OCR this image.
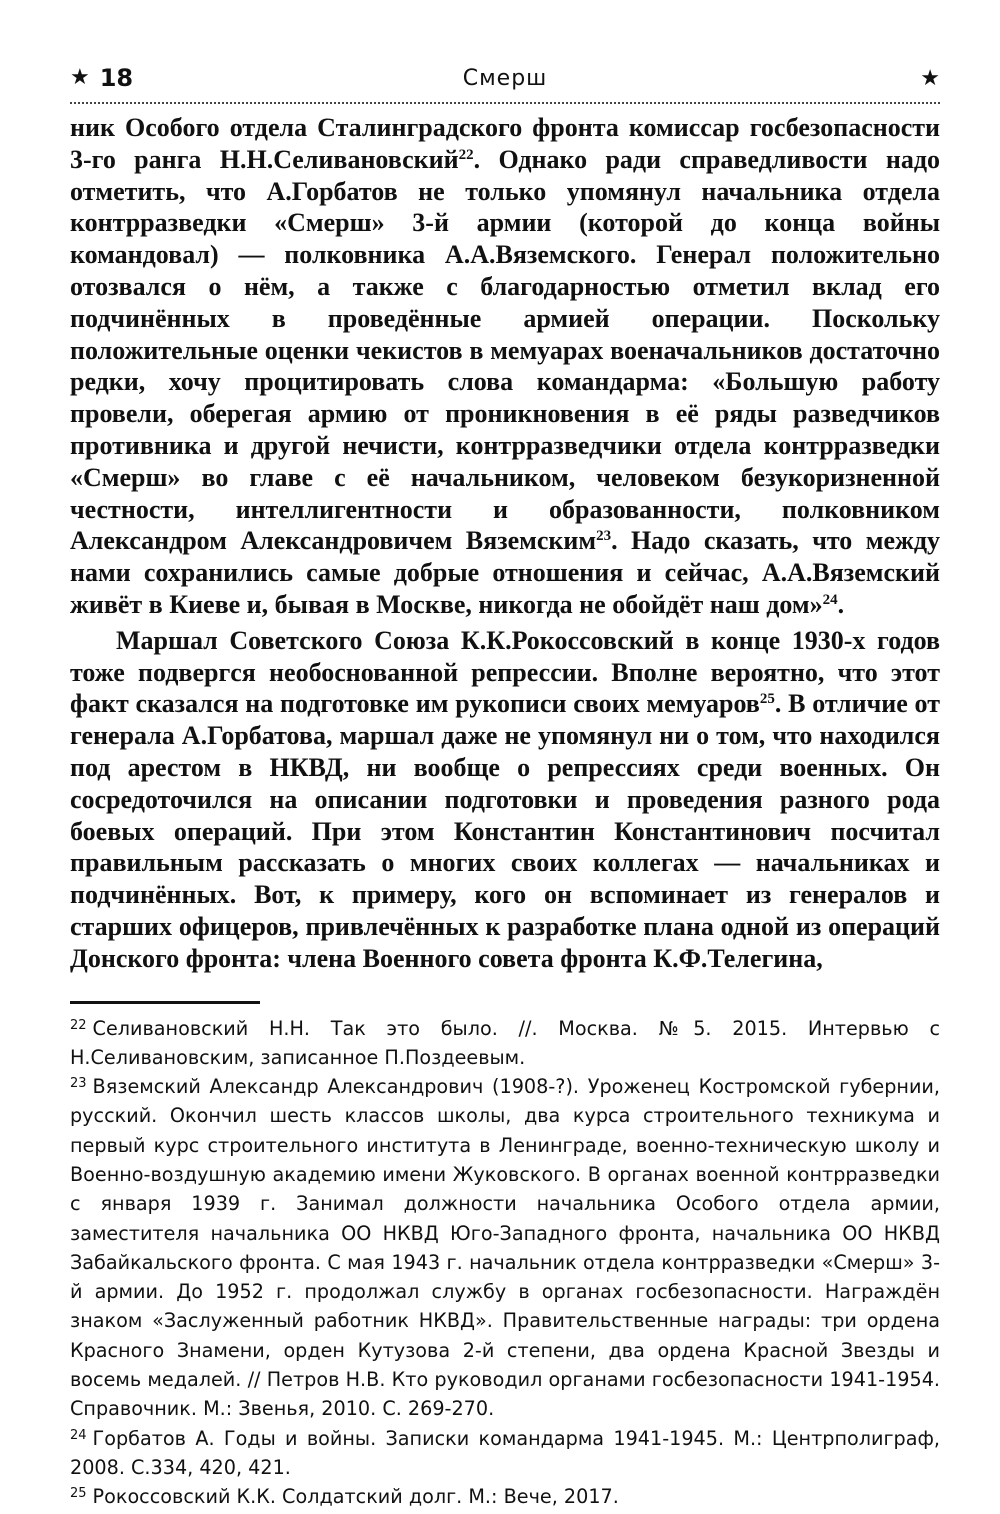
★ 18	Смерш	★

ник Особого отдела Сталинградского фронта комиссар госбезопасности 3-го ранга Н.Н.Селивановский$^{22}$. Однако ради справедливости надо отметить, что А.Горбатов не только упомянул начальника отдела контрразведки «Смерш» 3-й армии (которой до конца войны командовал) — полковника А.А.Вяземского. Генерал положительно отозвался о нём, а также с благодарностью отметил вклад его подчинённых в проведённые армией операции. Поскольку положительные оценки чекистов в мемуарах военачальников достаточно редки, хочу процитировать слова командарма: «Большую работу провели, оберегая армию от проникновения в её ряды разведчиков противника и другой нечисти, контрразведчики отдела контрразведки «Смерш» во главе с её начальником, человеком безукоризненной честности, интеллигентности и образованности, полковником Александром Александровичем Вяземским$^{23}$. Надо сказать, что между нами сохранились самые добрые отношения и сейчас, А.А.Вяземский живёт в Киеве и, бывая в Москве, никогда не обойдёт наш дом»$^{24}$.

Маршал Советского Союза К.К.Рокоссовский в конце 1930-х годов тоже подвергся необоснованной репрессии. Вполне вероятно, что этот факт сказался на подготовке им рукописи своих мемуаров$^{25}$. В отличие от генерала А.Горбатова, маршал даже не упомянул ни о том, что находился под арестом в НКВД, ни вообще о репрессиях среди военных. Он сосредоточился на описании подготовки и проведения разного рода боевых операций. При этом Константин Константинович посчитал правильным рассказать о многих своих коллегах — начальниках и подчинённых. Вот, к примеру, кого он вспоминает из генералов и старших офицеров, привлечённых к разработке плана одной из операций Донского фронта: члена Военного совета фронта К.Ф.Телегина,

$^{22}$ Селивановский Н.Н. Так это было. //. Москва. №5. 2015. Интервью с Н.Селивановским, записанное П.Поздеевым.

$^{23}$ Вяземский Александр Александрович (1908-?). Уроженец Костромской губернии, русский. Окончил шесть классов школы, два курса строительного техникума и первый курс строительного института в Ленинграде, военно-техническую школу и Военно-воздушную академию имени Жуковского. В органах военной контрразведки с января 1939 г. Занимал должности начальника Особого отдела армии, заместителя начальника ОО НКВД Юго-Западного фронта, начальника ОО НКВД Забайкальского фронта. С мая 1943 г. начальник отдела контрразведки «Смерш» 3-й армии. До 1952 г. продолжал службу в органах госбезопасности. Награждён знаком «Заслуженный работник НКВД». Правительственные награды: три ордена Красного Знамени, орден Кутузова 2-й степени, два ордена Красной Звезды и восемь медалей. // Петров Н.В. Кто руководил органами госбезопасности 1941-1954. Справочник. М.: Звенья, 2010. С. 269-270.

$^{24}$ Горбатов А. Годы и войны. Записки командарма 1941-1945. М.: Центрполиграф, 2008. С.334, 420, 421.

$^{25}$ Рокоссовский К.К. Солдатский долг. М.: Вече, 2017.
